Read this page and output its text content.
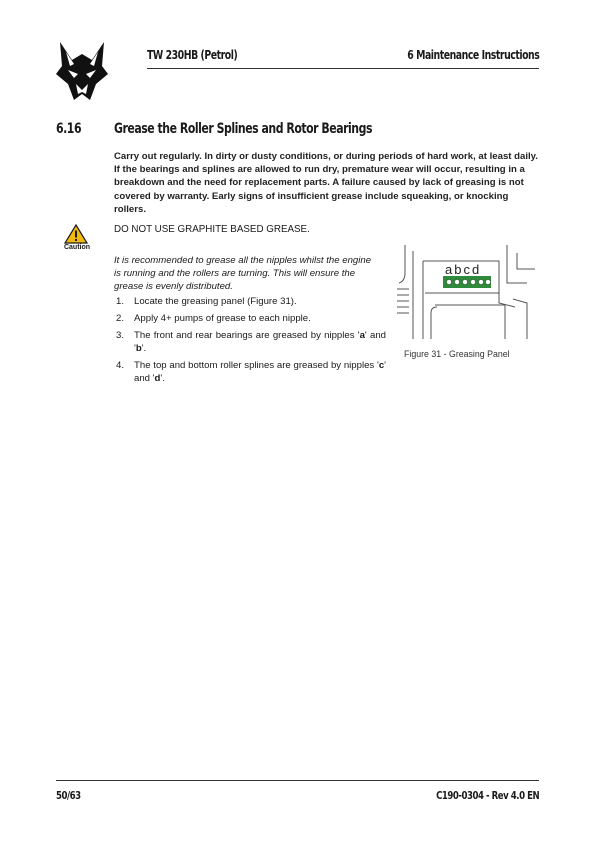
TW 230HB (Petrol)	6 Maintenance Instructions
6.16 Grease the Roller Splines and Rotor Bearings
Carry out regularly. In dirty or dusty conditions, or during periods of hard work, at least daily. If the bearings and splines are allowed to run dry, premature wear will occur, resulting in a breakdown and the need for replacement parts. A failure caused by lack of greasing is not covered by warranty. Early signs of insufficient grease include squeaking, or knocking rollers.
Caution
DO NOT USE GRAPHITE BASED GREASE.
It is recommended to grease all the nipples whilst the engine is running and the rollers are turning. This will ensure the grease is evenly distributed.
1. Locate the greasing panel (Figure 31).
2. Apply 4+ pumps of grease to each nipple.
3. The front and rear bearings are greased by nipples 'a' and 'b'.
4. The top and bottom roller splines are greased by nipples 'c' and 'd'.
abcd
Figure 31 - Greasing Panel
50/63	C190-0304 - Rev 4.0 EN
